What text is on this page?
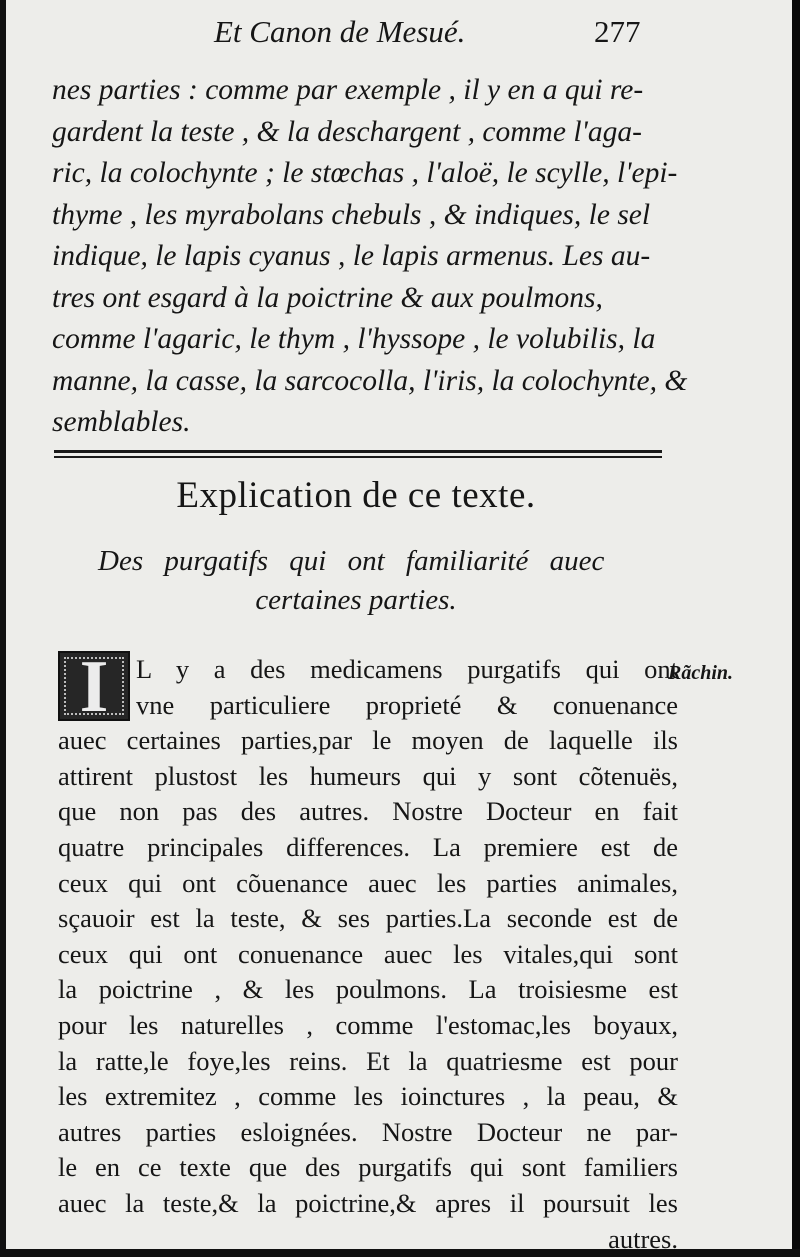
Et Canon de Mesué.	277

nes parties : comme par exemple , il y en a qui re-
gardent la teste , & la deschargent , comme l'aga-
ric, la colochynte ; le stœchas , l'aloë, le scylle, l'epi-
thyme , les myrabolans chebuls , & indiques, le sel
indique, le lapis cyanus , le lapis armenus. Les au-
tres ont esgard à la poictrine & aux poulmons,
comme l'agaric, le thym , l'hyssope , le volubilis, la
manne, la casse, la sarcocolla, l'iris, la colochynte, &
semblables.

Explication de ce texte.
Des purgatifs qui ont familiarité auec
certaines parties.
I	L y a des medicamens purgatifs qui ont
vne particuliere proprieté & conuenance
auec certaines parties,par le moyen de laquelle ils
attirent plustost les humeurs qui y sont cõtenuës,
que non pas des autres. Nostre Docteur en fait
quatre principales differences. La premiere est de
ceux qui ont cõuenance auec les parties animales,
sçauoir est la teste, & ses parties.La seconde est de
ceux qui ont conuenance auec les vitales,qui sont
la poictrine , & les poulmons. La troisiesme est
pour les naturelles , comme l'estomac,les boyaux,
la ratte,le foye,les reins. Et la quatriesme est pour
les extremitez , comme les ioinctures , la peau, &
autres parties esloignées. Nostre Docteur ne par-
le en ce texte que des purgatifs qui sont familiers
auec la teste,& la poictrine,& apres il poursuit les
autres.

Rãchin.
